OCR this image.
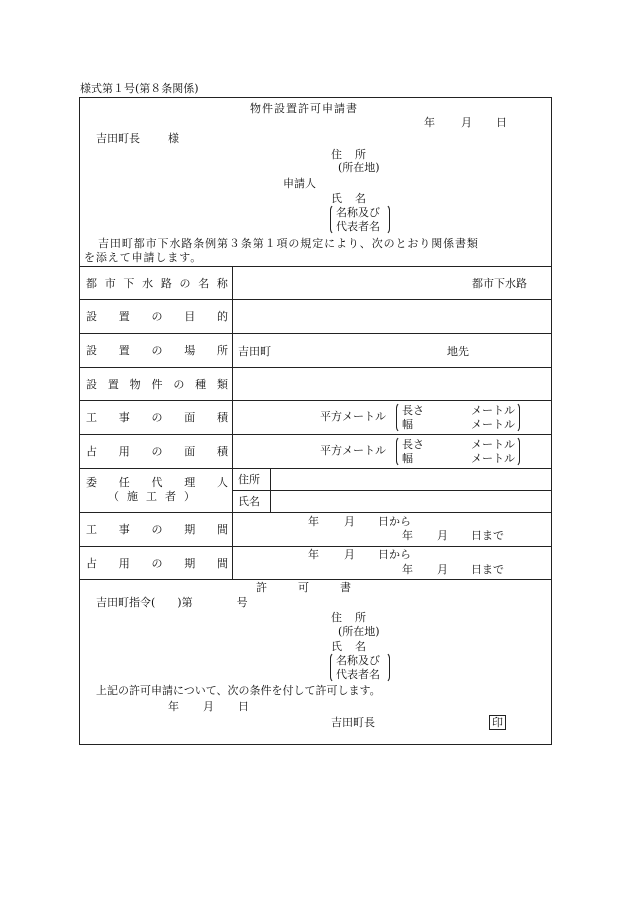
様式第１号(第８条関係)
物件設置許可申請書
年 月 日
吉田町長	様
住　所
(所在地)
申請人
氏　名
名称及び
代表者名
吉田町都市下水路条例第３条第１項の規定により、次のとおり関係書類
を添えて申請します。
都 市 下 水 路 の 名 称	都市下水路
設 置 の 目 的
設 置 の 場 所 吉田町	地先
設 置 物 件 の 種 類
工 事 の 面 積	平方メートル 長さ	メートル
幅	メートル
占 用 の 面 積	平方メートル 長さ	メートル
幅	メートル
委 任 代 理 人
（施工者）
住所
氏名
工 事 の 期 間
年 月 日から
年 月 日まで
占 用 の 期 間
年 月 日から
年 月 日まで
許　可　書
吉田町指令(　　)第　　　　号
住　所
(所在地)
氏　名
名称及び
代表者名
上記の許可申請について、次の条件を付して許可します。
年 月 日
吉田町長	印
